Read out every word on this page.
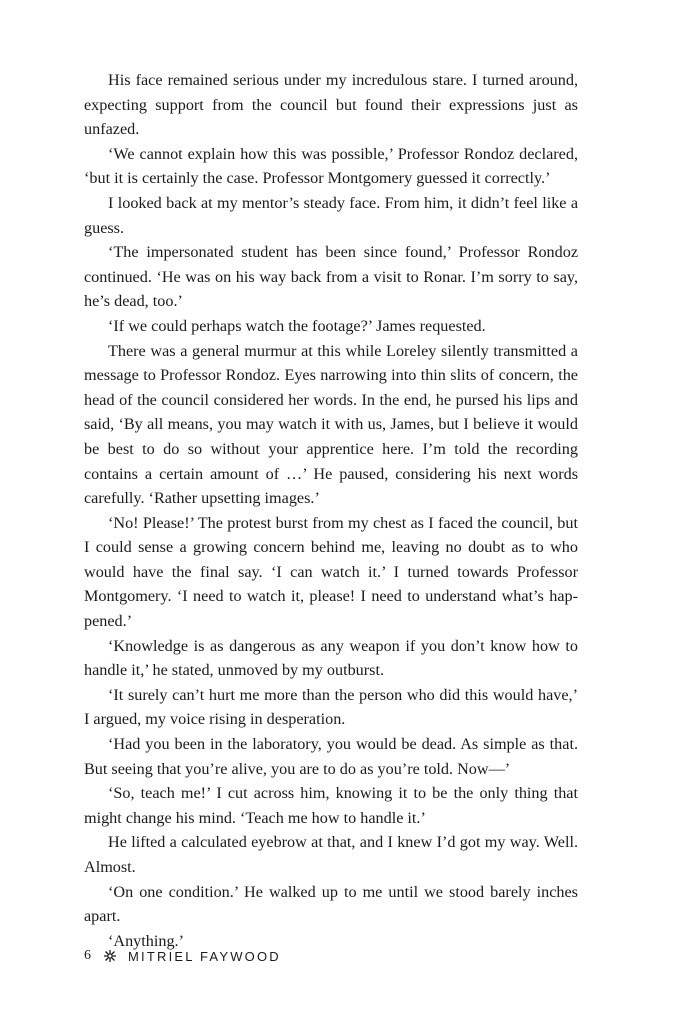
His face remained serious under my incredulous stare. I turned around, expecting support from the council but found their expressions just as unfazed.

‘We cannot explain how this was possible,’ Professor Rondoz declared, ‘but it is certainly the case. Professor Montgomery guessed it correctly.’

I looked back at my mentor’s steady face. From him, it didn’t feel like a guess.

‘The impersonated student has been since found,’ Professor Rondoz continued. ‘He was on his way back from a visit to Ronar. I’m sorry to say, he’s dead, too.’

‘If we could perhaps watch the footage?’ James requested.

There was a general murmur at this while Loreley silently transmitted a message to Professor Rondoz. Eyes narrowing into thin slits of concern, the head of the council considered her words. In the end, he pursed his lips and said, ‘By all means, you may watch it with us, James, but I believe it would be best to do so without your apprentice here. I’m told the recording contains a certain amount of …’ He paused, considering his next words carefully. ‘Rather upsetting images.’

‘No! Please!’ The protest burst from my chest as I faced the council, but I could sense a growing concern behind me, leaving no doubt as to who would have the final say. ‘I can watch it.’ I turned towards Professor Montgomery. ‘I need to watch it, please! I need to understand what’s happened.’

‘Knowledge is as dangerous as any weapon if you don’t know how to handle it,’ he stated, unmoved by my outburst.

‘It surely can’t hurt me more than the person who did this would have,’ I argued, my voice rising in desperation.

‘Had you been in the laboratory, you would be dead. As simple as that. But seeing that you’re alive, you are to do as you’re told. Now—’

‘So, teach me!’ I cut across him, knowing it to be the only thing that might change his mind. ‘Teach me how to handle it.’

He lifted a calculated eyebrow at that, and I knew I’d got my way. Well. Almost.

‘On one condition.’ He walked up to me until we stood barely inches apart.

‘Anything.’

6	MITRIEL FAYWOOD
